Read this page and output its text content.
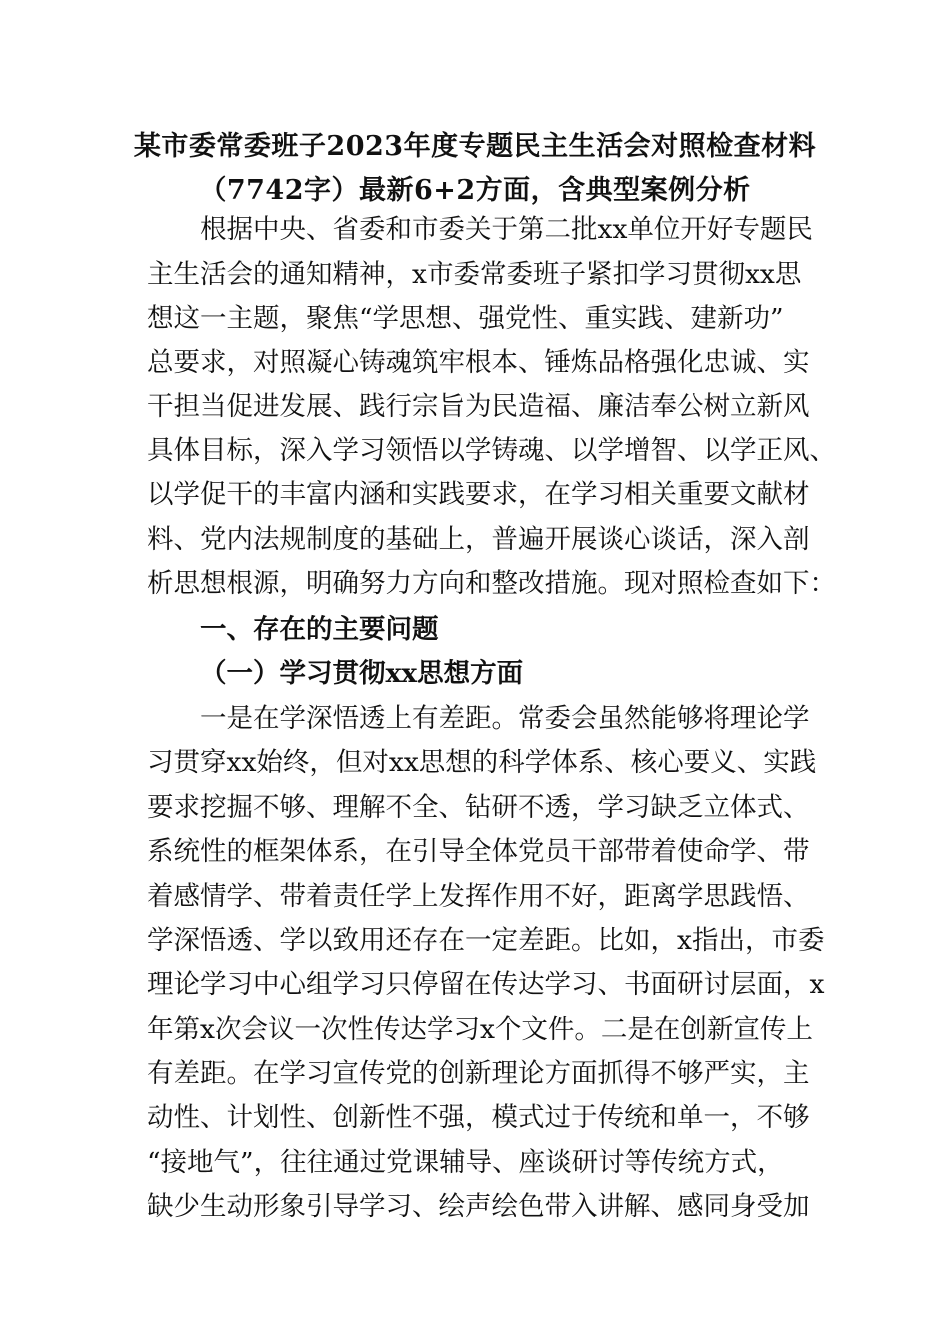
某市委常委班子2023年度专题民主生活会对照检查材料
（7742字）最新6+2方面，含典型案例分析
根据中央、省委和市委关于第二批xx单位开好专题民
主生活会的通知精神，x市委常委班子紧扣学习贯彻xx思
想这一主题，聚焦“学思想、强党性、重实践、建新功”
总要求，对照凝心铸魂筑牢根本、锤炼品格强化忠诚、实
干担当促进发展、践行宗旨为民造福、廉洁奉公树立新风
具体目标，深入学习领悟以学铸魂、以学增智、以学正风、
以学促干的丰富内涵和实践要求，在学习相关重要文献材
料、党内法规制度的基础上，普遍开展谈心谈话，深入剖
析思想根源，明确努力方向和整改措施。现对照检查如下：
一、存在的主要问题
（一）学习贯彻xx思想方面
一是在学深悟透上有差距。常委会虽然能够将理论学
习贯穿xx始终，但对xx思想的科学体系、核心要义、实践
要求挖掘不够、理解不全、钻研不透，学习缺乏立体式、
系统性的框架体系，在引导全体党员干部带着使命学、带
着感情学、带着责任学上发挥作用不好，距离学思践悟、
学深悟透、学以致用还存在一定差距。比如，x指出，市委
理论学习中心组学习只停留在传达学习、书面研讨层面，x
年第x次会议一次性传达学习x个文件。二是在创新宣传上
有差距。在学习宣传党的创新理论方面抓得不够严实，主
动性、计划性、创新性不强，模式过于传统和单一，不够
“接地气”，往往通过党课辅导、座谈研讨等传统方式，
缺少生动形象引导学习、绘声绘色带入讲解、感同身受加
